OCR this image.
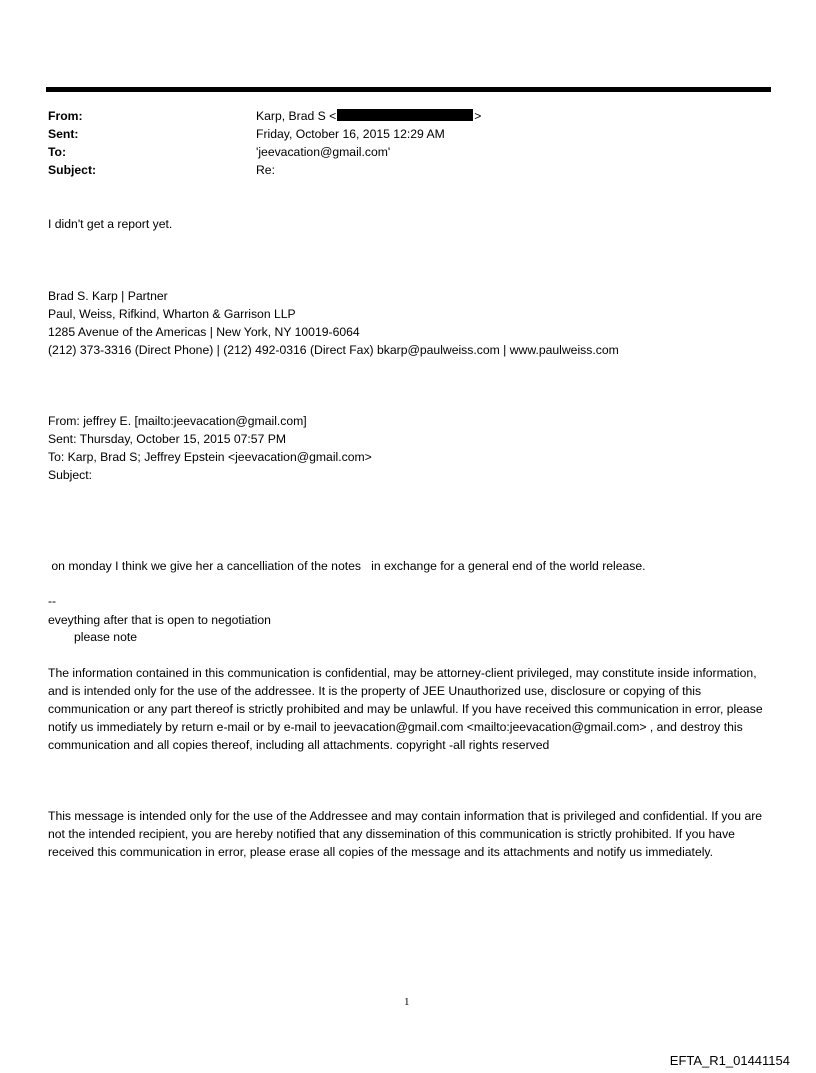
From:	Karp, Brad S <	>
Sent:	Friday, October 16, 2015 12:29 AM
To:	'jeevacation@gmail.com'
Subject:	Re:
I didn't get a report yet.
Brad S. Karp | Partner
Paul, Weiss, Rifkind, Wharton & Garrison LLP
1285 Avenue of the Americas | New York, NY 10019-6064
(212) 373-3316 (Direct Phone) | (212) 492-0316 (Direct Fax) bkarp@paulweiss.com | www.paulweiss.com
From: jeffrey E. [mailto:jeevacation@gmail.com]
Sent: Thursday, October 15, 2015 07:57 PM
To: Karp, Brad S; Jeffrey Epstein <jeevacation@gmail.com>
Subject:

on monday I think we give her a cancelliation of the notes   in exchange for a general end of the world release.

eveything after that is open to negotiation

--
please note
The information contained in this communication is confidential, may be attorney-client privileged, may constitute inside information, and is intended only for the use of the addressee. It is the property of JEE Unauthorized use, disclosure or copying of this communication or any part thereof is strictly prohibited and may be unlawful. If you have received this communication in error, please notify us immediately by return e-mail or by e-mail to jeevacation@gmail.com <mailto:jeevacation@gmail.com> , and destroy this communication and all copies thereof, including all attachments. copyright -all rights reserved
This message is intended only for the use of the Addressee and may contain information that is privileged and confidential. If you are not the intended recipient, you are hereby notified that any dissemination of this communication is strictly prohibited. If you have received this communication in error, please erase all copies of the message and its attachments and notify us immediately.
1
EFTA_R1_01441154
